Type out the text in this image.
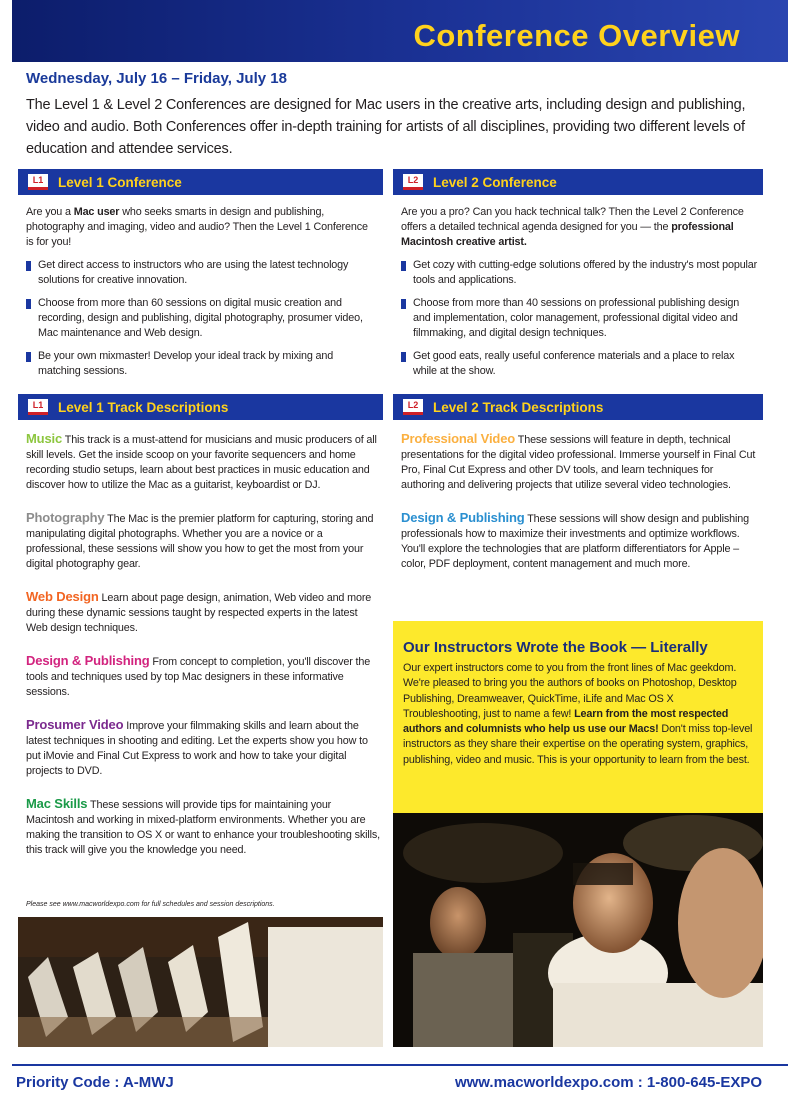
Conference Overview
Wednesday, July 16 – Friday, July 18
The Level 1 & Level 2 Conferences are designed for Mac users in the creative arts, including design and publishing, video and audio. Both Conferences offer in-depth training for artists of all disciplines, providing two different levels of education and attendee services.
L1	Level 1 Conference

Are you a Mac user who seeks smarts in design and publishing, photography and imaging, video and audio? Then the Level 1 Conference is for you!

Get direct access to instructors who are using the latest technology solutions for creative innovation.
Choose from more than 60 sessions on digital music creation and recording, design and publishing, digital photography, prosumer video, Mac maintenance and Web design.
Be your own mixmaster! Develop your ideal track by mixing and matching sessions.
L2	Level 2 Conference

Are you a pro? Can you hack technical talk? Then the Level 2 Conference offers a detailed technical agenda designed for you — the professional Macintosh creative artist.

Get cozy with cutting-edge solutions offered by the industry's most popular tools and applications.
Choose from more than 40 sessions on professional publishing design and implementation, color management, professional digital video and filmmaking, and digital design techniques.
Get good eats, really useful conference materials and a place to relax while at the show.
L1	Level 1 Track Descriptions

Music This track is a must-attend for musicians and music producers of all skill levels. Get the inside scoop on your favorite sequencers and home recording studio setups, learn about best practices in music education and discover how to utilize the Mac as a guitarist, keyboardist or DJ.

Photography The Mac is the premier platform for capturing, storing and manipulating digital photographs. Whether you are a novice or a professional, these sessions will show you how to get the most from your digital photography gear.

Web Design Learn about page design, animation, Web video and more during these dynamic sessions taught by respected experts in the latest Web design techniques.

Design & Publishing From concept to completion, you'll discover the tools and techniques used by top Mac designers in these informative sessions.

Prosumer Video Improve your filmmaking skills and learn about the latest techniques in shooting and editing. Let the experts show you how to put iMovie and Final Cut Express to work and how to take your digital projects to DVD.

Mac Skills These sessions will provide tips for maintaining your Macintosh and working in mixed-platform environments. Whether you are making the transition to OS X or want to enhance your troubleshooting skills, this track will give you the knowledge you need.

L2	Level 2 Track Descriptions

Professional Video These sessions will feature in depth, technical presentations for the digital video professional. Immerse yourself in Final Cut Pro, Final Cut Express and other DV tools, and learn techniques for authoring and delivering projects that utilize several video technologies.

Design & Publishing These sessions will show design and publishing professionals how to maximize their investments and optimize workflows. You'll explore the technologies that are platform differentiators for Apple – color, PDF deployment, content management and much more.

Our Instructors Wrote the Book — Literally
Our expert instructors come to you from the front lines of Mac geekdom. We're pleased to bring you the authors of books on Photoshop, Desktop Publishing, Dreamweaver, QuickTime, iLife and Mac OS X Troubleshooting, just to name a few! Learn from the most respected authors and columnists who help us use our Macs! Don't miss top-level instructors as they share their expertise on the operating system, graphics, publishing, video and music. This is your opportunity to learn from the best.
Please see www.macworldexpo.com for full schedules and session descriptions.
Priority Code : A-MWJ	www.macworldexpo.com : 1-800-645-EXPO
